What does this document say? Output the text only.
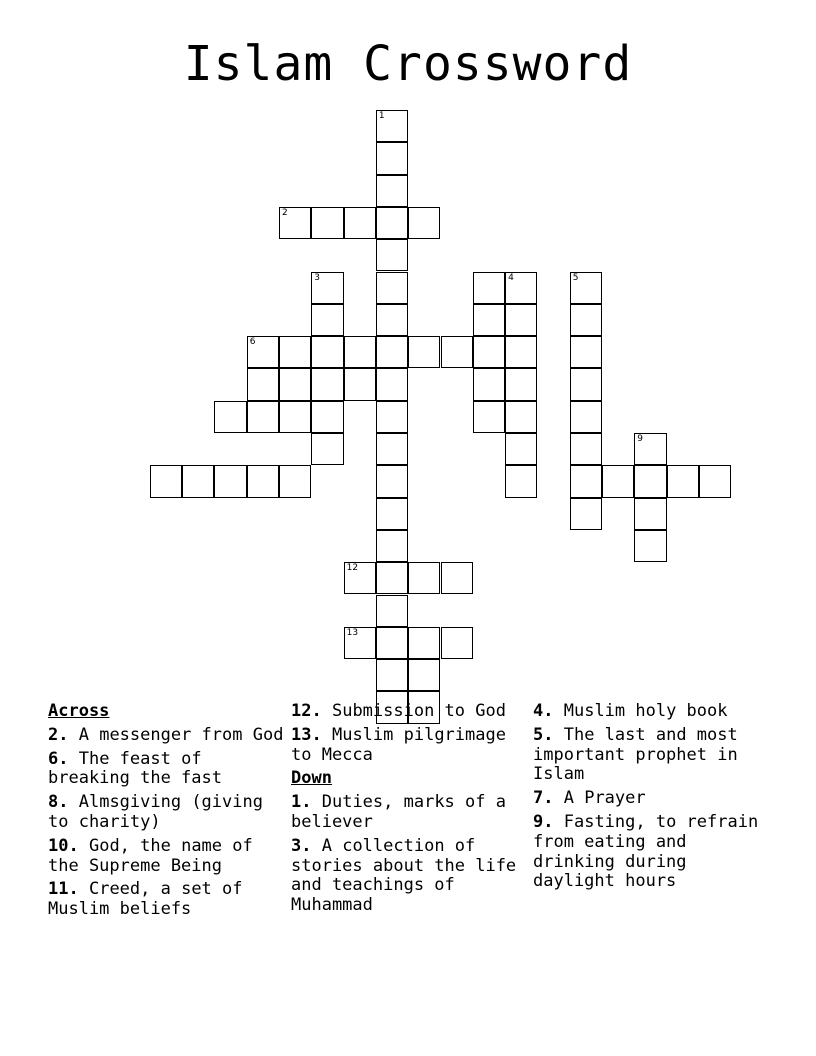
Islam Crossword
1
2
3
6
4	5
9
12
13
Across
2. A messenger from God
6. The feast of breaking the fast
8. Almsgiving (giving to charity)
10. God, the name of the Supreme Being
11. Creed, a set of Muslim beliefs
12. Submission to God
13. Muslim pilgrimage to Mecca
Down
1. Duties, marks of a believer
3. A collection of stories about the life and teachings of Muhammad
4. Muslim holy book
5. The last and most important prophet in Islam
7. A Prayer
9. Fasting, to refrain from eating and drinking during daylight hours
